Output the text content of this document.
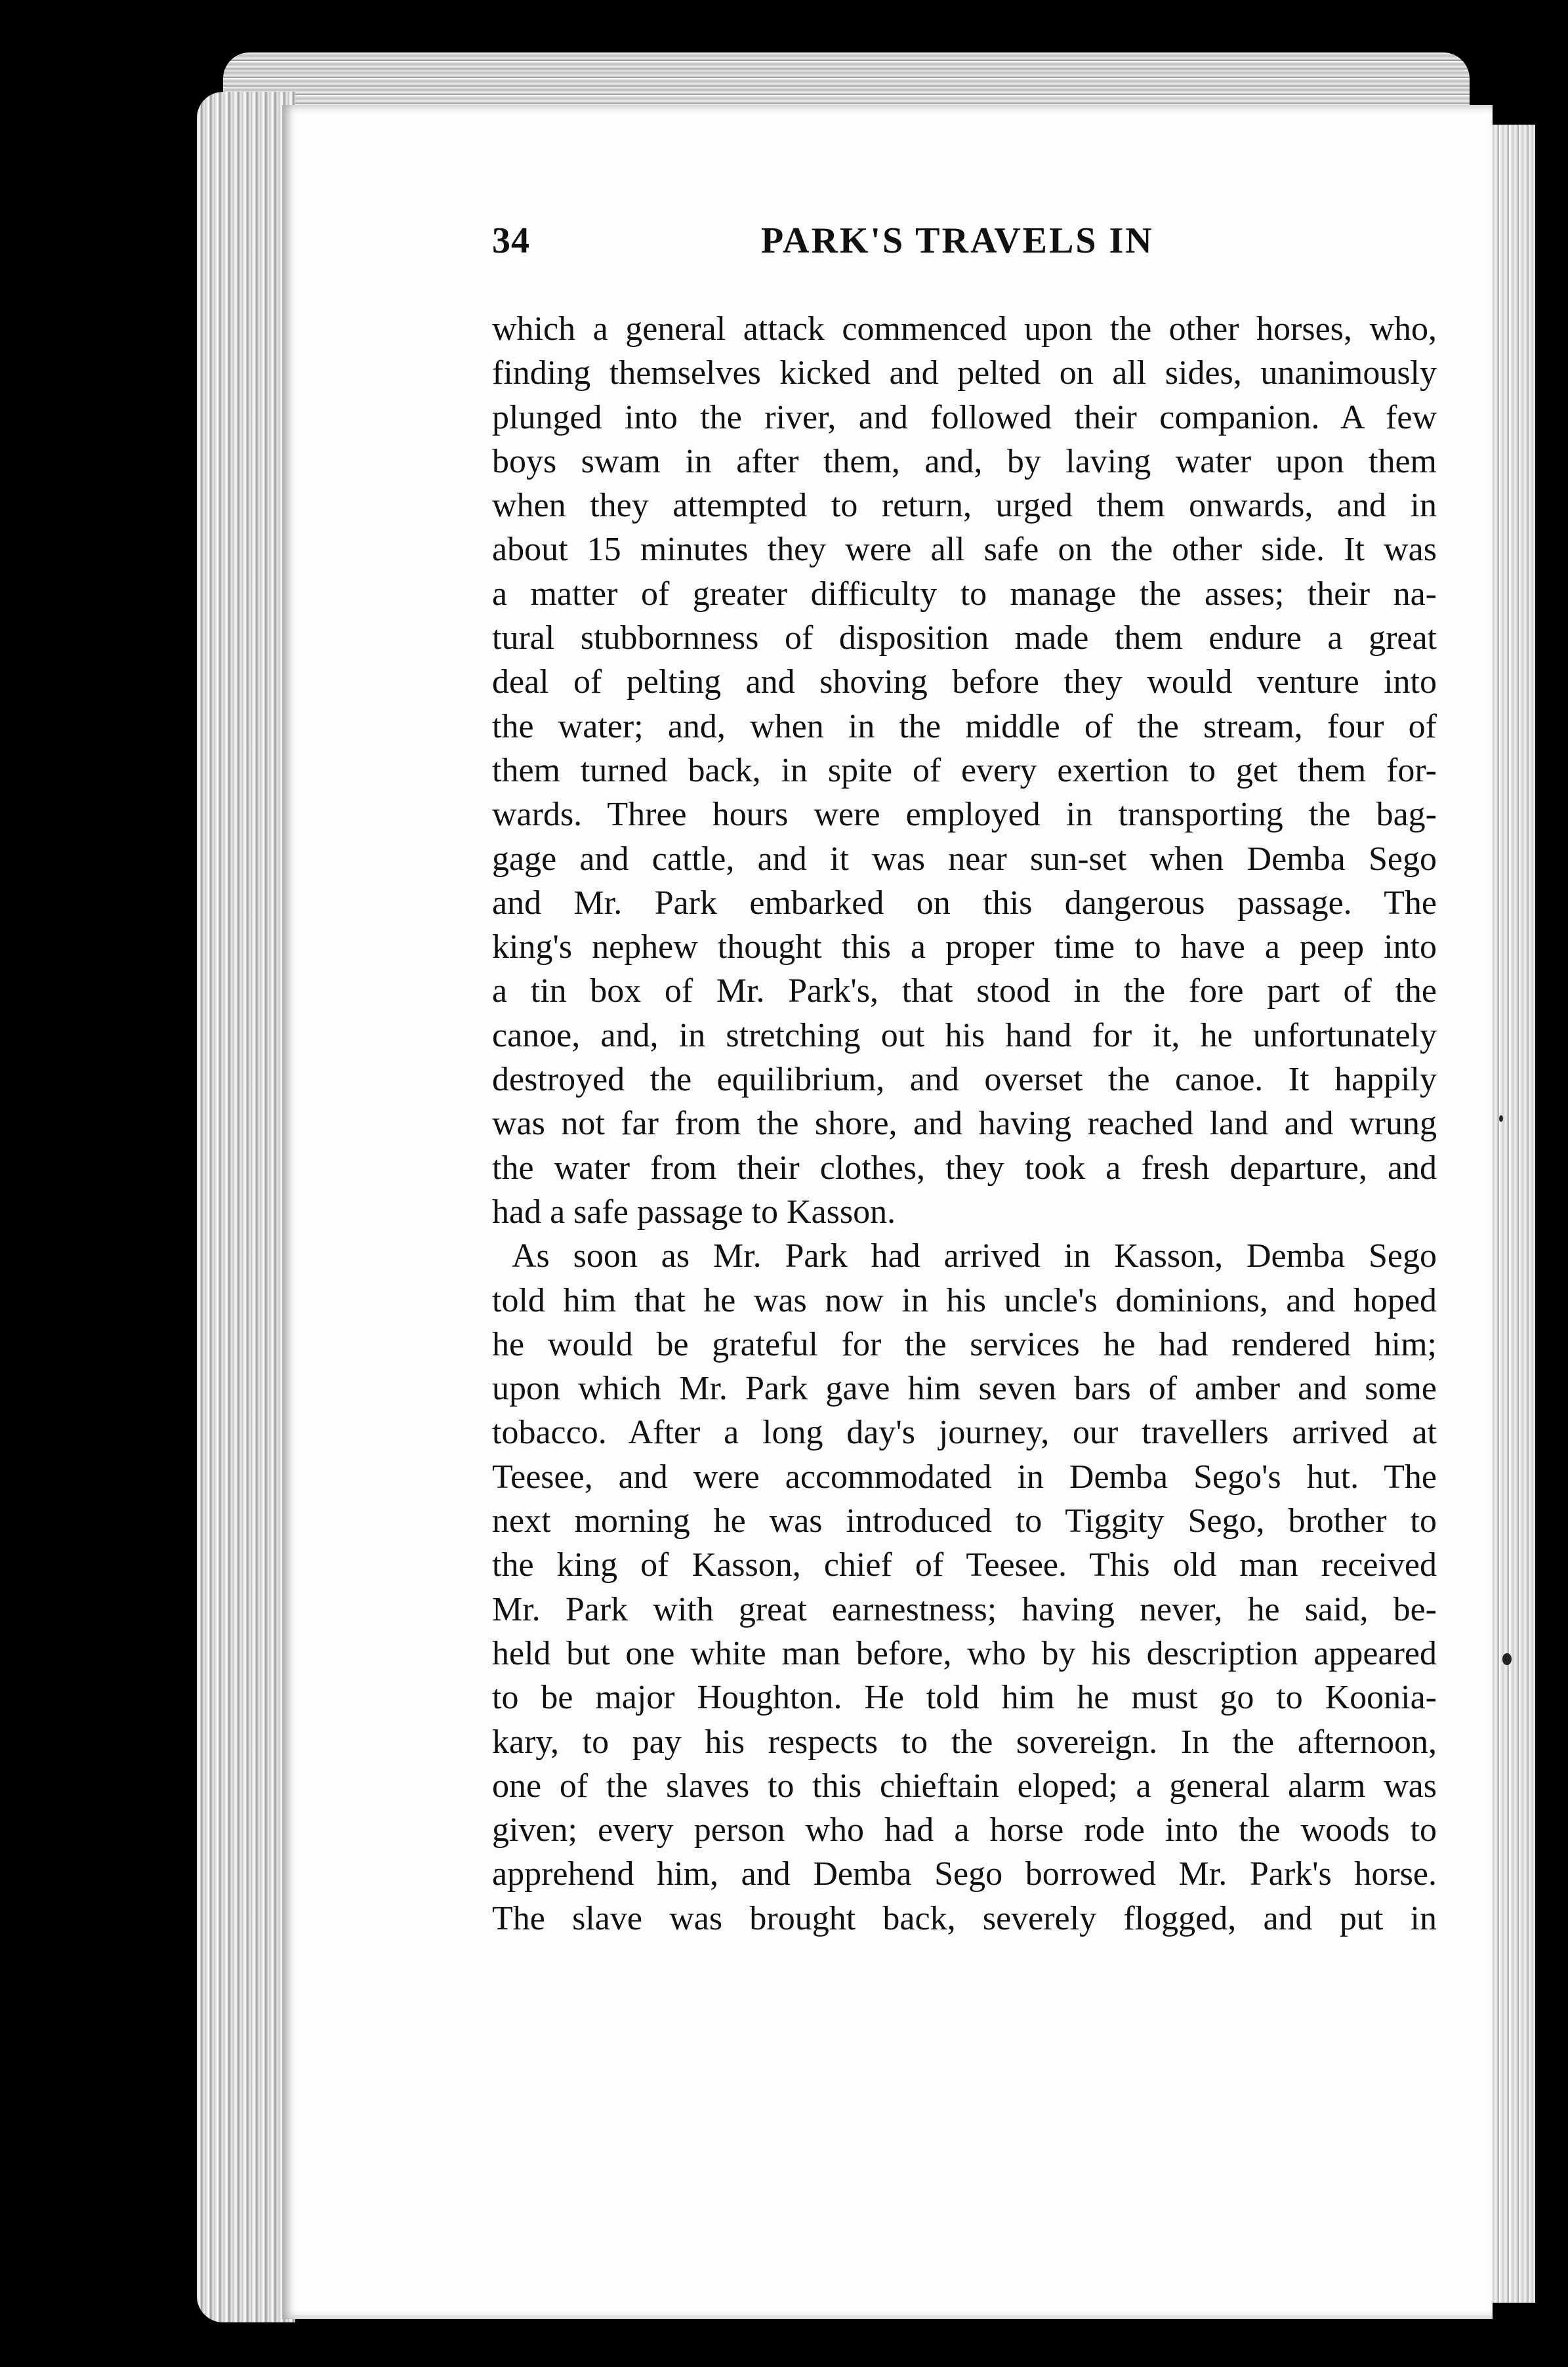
34	PARK'S TRAVELS IN
which a general attack commenced upon the other horses, who,
finding themselves kicked and pelted on all sides, unanimously
plunged into the river, and followed their companion. A few
boys swam in after them, and, by laving water upon them
when they attempted to return, urged them onwards, and in
about 15 minutes they were all safe on the other side. It was
a matter of greater difficulty to manage the asses; their na-
tural stubbornness of disposition made them endure a great
deal of pelting and shoving before they would venture into
the water; and, when in the middle of the stream, four of
them turned back, in spite of every exertion to get them for-
wards. Three hours were employed in transporting the bag-
gage and cattle, and it was near sun-set when Demba Sego
and Mr. Park embarked on this dangerous passage. The
king's nephew thought this a proper time to have a peep into
a tin box of Mr. Park's, that stood in the fore part of the
canoe, and, in stretching out his hand for it, he unfortunately
destroyed the equilibrium, and overset the canoe. It happily
was not far from the shore, and having reached land and wrung
the water from their clothes, they took a fresh departure, and
had a safe passage to Kasson.
As soon as Mr. Park had arrived in Kasson, Demba Sego
told him that he was now in his uncle's dominions, and hoped
he would be grateful for the services he had rendered him;
upon which Mr. Park gave him seven bars of amber and some
tobacco. After a long day's journey, our travellers arrived at
Teesee, and were accommodated in Demba Sego's hut. The
next morning he was introduced to Tiggity Sego, brother to
the king of Kasson, chief of Teesee. This old man received
Mr. Park with great earnestness; having never, he said, be-
held but one white man before, who by his description appeared
to be major Houghton. He told him he must go to Koonia-
kary, to pay his respects to the sovereign. In the afternoon,
one of the slaves to this chieftain eloped; a general alarm was
given; every person who had a horse rode into the woods to
apprehend him, and Demba Sego borrowed Mr. Park's horse.
The slave was brought back, severely flogged, and put in
